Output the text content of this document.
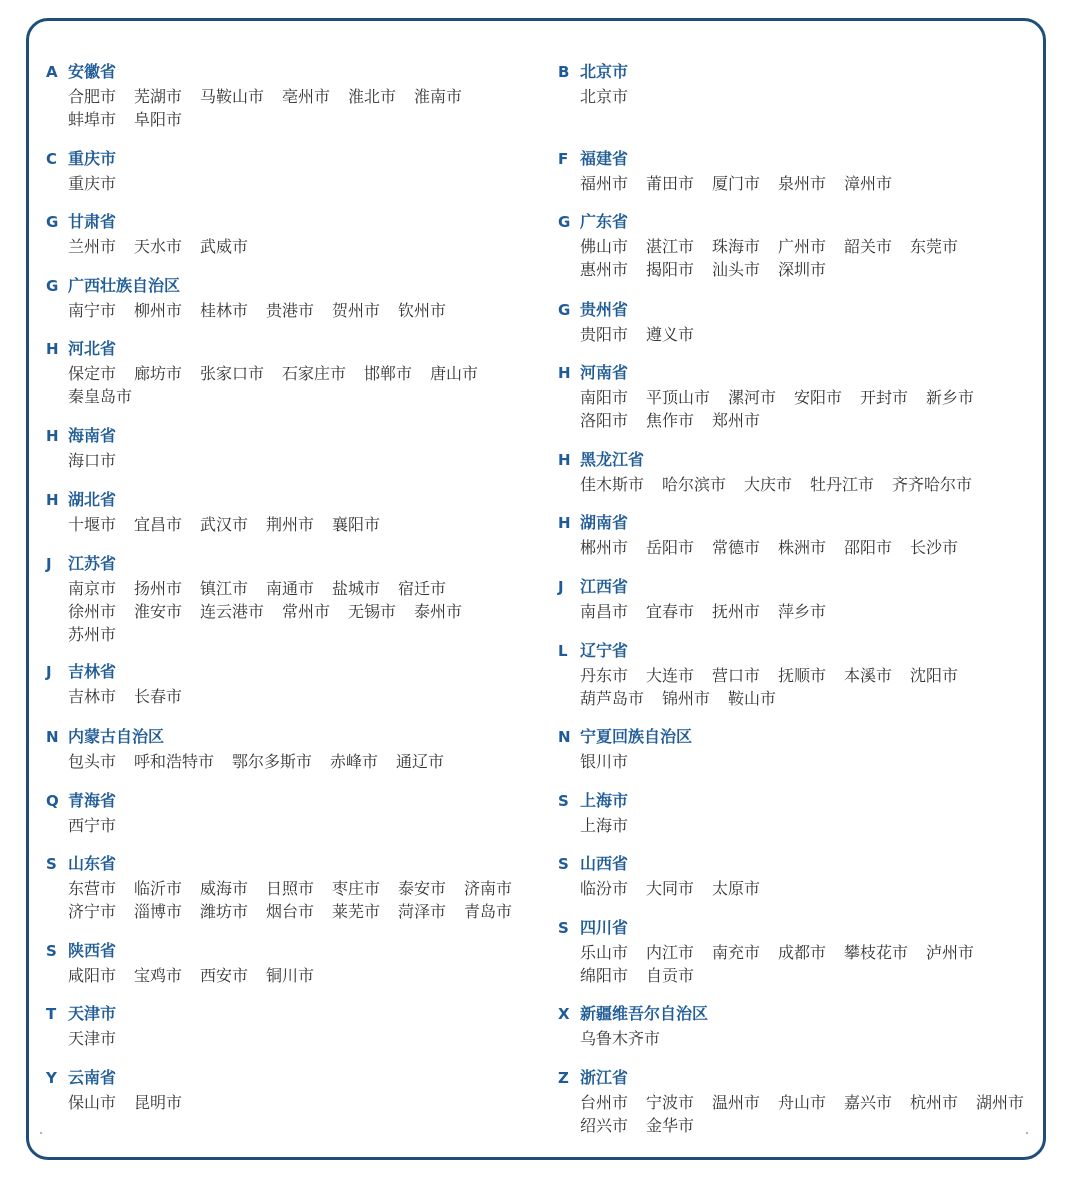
A 安徽省
合肥市 芜湖市 马鞍山市 亳州市 淮北市 淮南市
蚌埠市 阜阳市
C 重庆市
重庆市
G 甘肃省
兰州市 天水市 武威市
G 广西壮族自治区
南宁市 柳州市 桂林市 贵港市 贺州市 钦州市
H 河北省
保定市 廊坊市 张家口市 石家庄市 邯郸市 唐山市
秦皇岛市
H 海南省
海口市
H 湖北省
十堰市 宜昌市 武汉市 荆州市 襄阳市
J	江苏省
南京市 扬州市 镇江市 南通市 盐城市 宿迁市
徐州市 淮安市 连云港市 常州市 无锡市 泰州市
苏州市
J	吉林省
吉林市 长春市
N 内蒙古自治区
包头市 呼和浩特市 鄂尔多斯市 赤峰市 通辽市
Q 青海省
西宁市
S 山东省
东营市 临沂市 威海市 日照市 枣庄市 泰安市 济南市
济宁市 淄博市 潍坊市 烟台市 莱芜市 菏泽市 青岛市
S 陕西省
咸阳市 宝鸡市 西安市 铜川市
T 天津市
天津市
Y 云南省
保山市 昆明市
B 北京市
北京市
F 福建省
福州市 莆田市 厦门市 泉州市 漳州市
G 广东省
佛山市 湛江市 珠海市 广州市 韶关市 东莞市
惠州市 揭阳市 汕头市 深圳市
G 贵州省
贵阳市 遵义市
H 河南省
南阳市 平顶山市 漯河市 安阳市 开封市 新乡市
洛阳市 焦作市 郑州市
H 黑龙江省
佳木斯市 哈尔滨市 大庆市 牡丹江市 齐齐哈尔市
H 湖南省
郴州市 岳阳市 常德市 株洲市 邵阳市 长沙市
J	江西省
南昌市 宜春市 抚州市 萍乡市
L 辽宁省
丹东市 大连市 营口市 抚顺市 本溪市 沈阳市
葫芦岛市 锦州市 鞍山市
N 宁夏回族自治区
银川市
S 上海市
上海市
S 山西省
临汾市 大同市 太原市
S 四川省
乐山市 内江市 南充市 成都市 攀枝花市 泸州市
绵阳市 自贡市
X 新疆维吾尔自治区
乌鲁木齐市
Z 浙江省
台州市 宁波市 温州市 舟山市 嘉兴市 杭州市 湖州市
绍兴市 金华市
